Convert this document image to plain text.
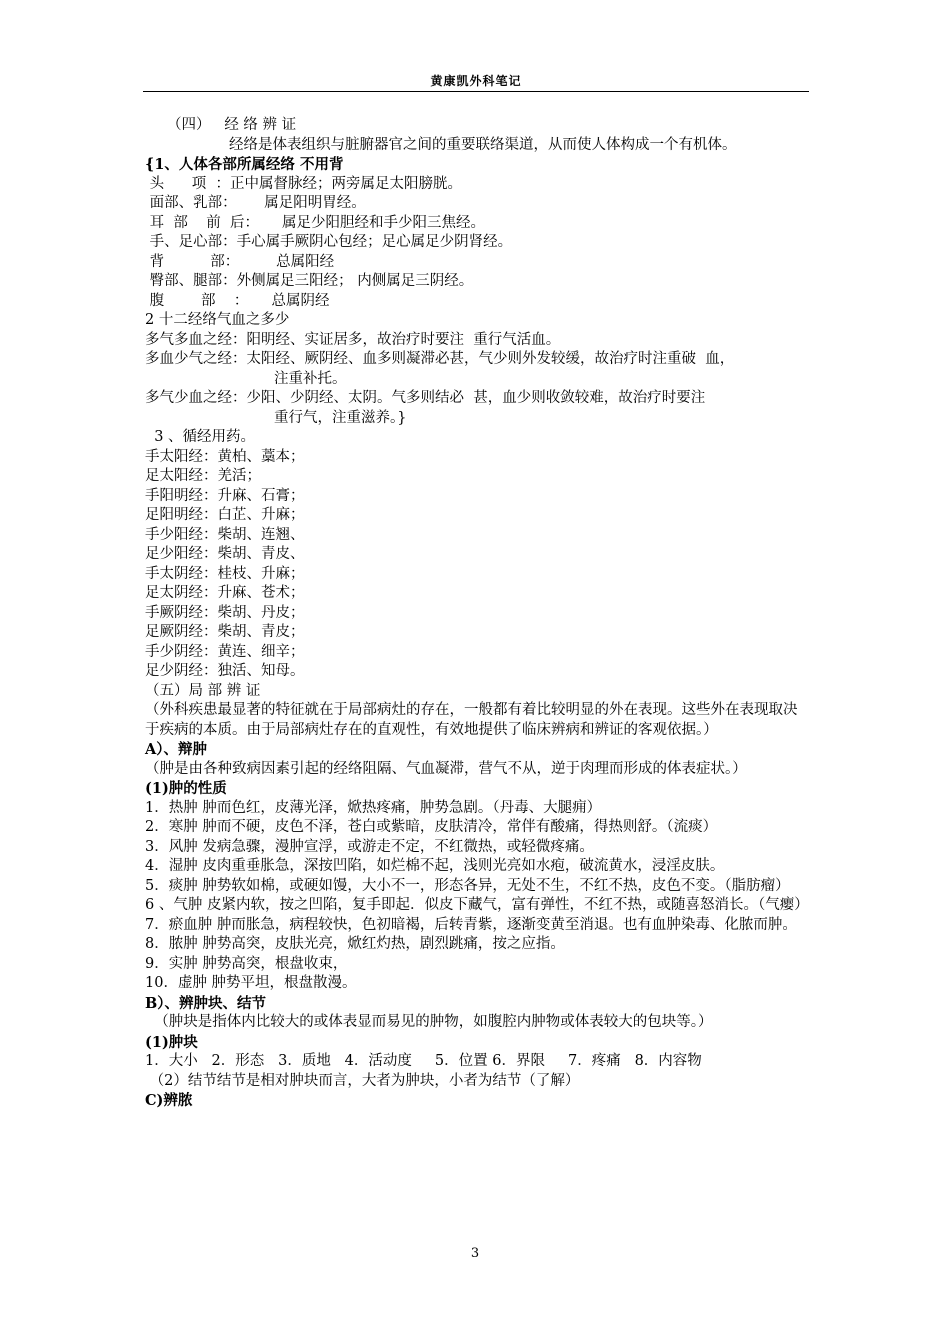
黄康凯外科笔记
（四）   经 络 辨 证
经络是体表组织与脏腑器官之间的重要联络渠道，从而使人体构成一个有机体。
{1、人体各部所属经络 不用背
头      项  ：正中属督脉经；两旁属足太阳膀胱。
面部、乳部：      属足阳明胃经。
耳  部    前  后：     属足少阳胆经和手少阳三焦经。
手、足心部：手心属手厥阴心包经；足心属足少阴肾经。
背          部：        总属阳经
臀部、腿部：外侧属足三阳经； 内侧属足三阴经。
腹        部    ：     总属阴经
2 十二经络气血之多少
多气多血之经：阳明经、实证居多，故治疗时要注  重行气活血。
多血少气之经：太阳经、厥阴经、血多则凝滞必甚，气少则外发较缓，故治疗时注重破  血，
注重补托。
多气少血之经：少阳、少阴经、太阴。气多则结必  甚，血少则收敛较难，故治疗时要注
重行气，注重滋养。}
3 、循经用药。
手太阳经：黄柏、藁本；
足太阳经：羌活；
手阳明经：升麻、石膏；
足阳明经：白芷、升麻；
手少阳经：柴胡、连翘、
足少阳经：柴胡、青皮、
手太阴经：桂枝、升麻；
足太阴经：升麻、苍术；
手厥阴经：柴胡、丹皮；
足厥阴经：柴胡、青皮；
手少阴经：黄连、细辛；
足少阴经：独活、知母。
（五）局 部 辨 证
（外科疾患最显著的特征就在于局部病灶的存在，一般都有着比较明显的外在表现。这些外在表现取决于疾病的本质。由于局部病灶存在的直观性，有效地提供了临床辨病和辨证的客观依据。）
A）、辩肿
（肿是由各种致病因素引起的经络阻隔、气血凝滞，营气不从，逆于肉理而形成的体表症状。）
(1)肿的性质
1．热肿 肿而色红，皮薄光泽，焮热疼痛，肿势急剧。（丹毒、大腿痈）
2．寒肿 肿而不硬，皮色不泽，苍白或紫暗，皮肤清冷，常伴有酸痛，得热则舒。（流痰）
3．风肿 发病急骤，漫肿宣浮，或游走不定，不红微热，或轻微疼痛。
4．湿肿 皮肉重垂胀急，深按凹陷，如烂棉不起，浅则光亮如水疱，破流黄水，浸淫皮肤。
5．痰肿 肿势软如棉，或硬如馒，大小不一，形态各异，无处不生，不红不热，皮色不变。（脂肪瘤）
6 、气肿 皮紧内软，按之凹陷，复手即起．似皮下藏气，富有弹性，不红不热，或随喜怒消长。（气瘿）
7．瘀血肿 肿而胀急，病程较快，色初暗褐，后转青紫，逐渐变黄至消退。也有血肿染毒、化脓而肿。
8．脓肿 肿势高突，皮肤光亮，焮红灼热，剧烈跳痛，按之应指。
9．实肿 肿势高突，根盘收束，
10．虚肿 肿势平坦，根盘散漫。
B）、辨肿块、结节
（肿块是指体内比较大的或体表显而易见的肿物，如腹腔内肿物或体表较大的包块等。）
(1)肿块
1．大小   2．形态   3．质地   4．活动度     5．位置 6．界限     7．疼痛   8．内容物
（2）结节结节是相对肿块而言，大者为肿块，小者为结节（了解）
C)辨脓
3
